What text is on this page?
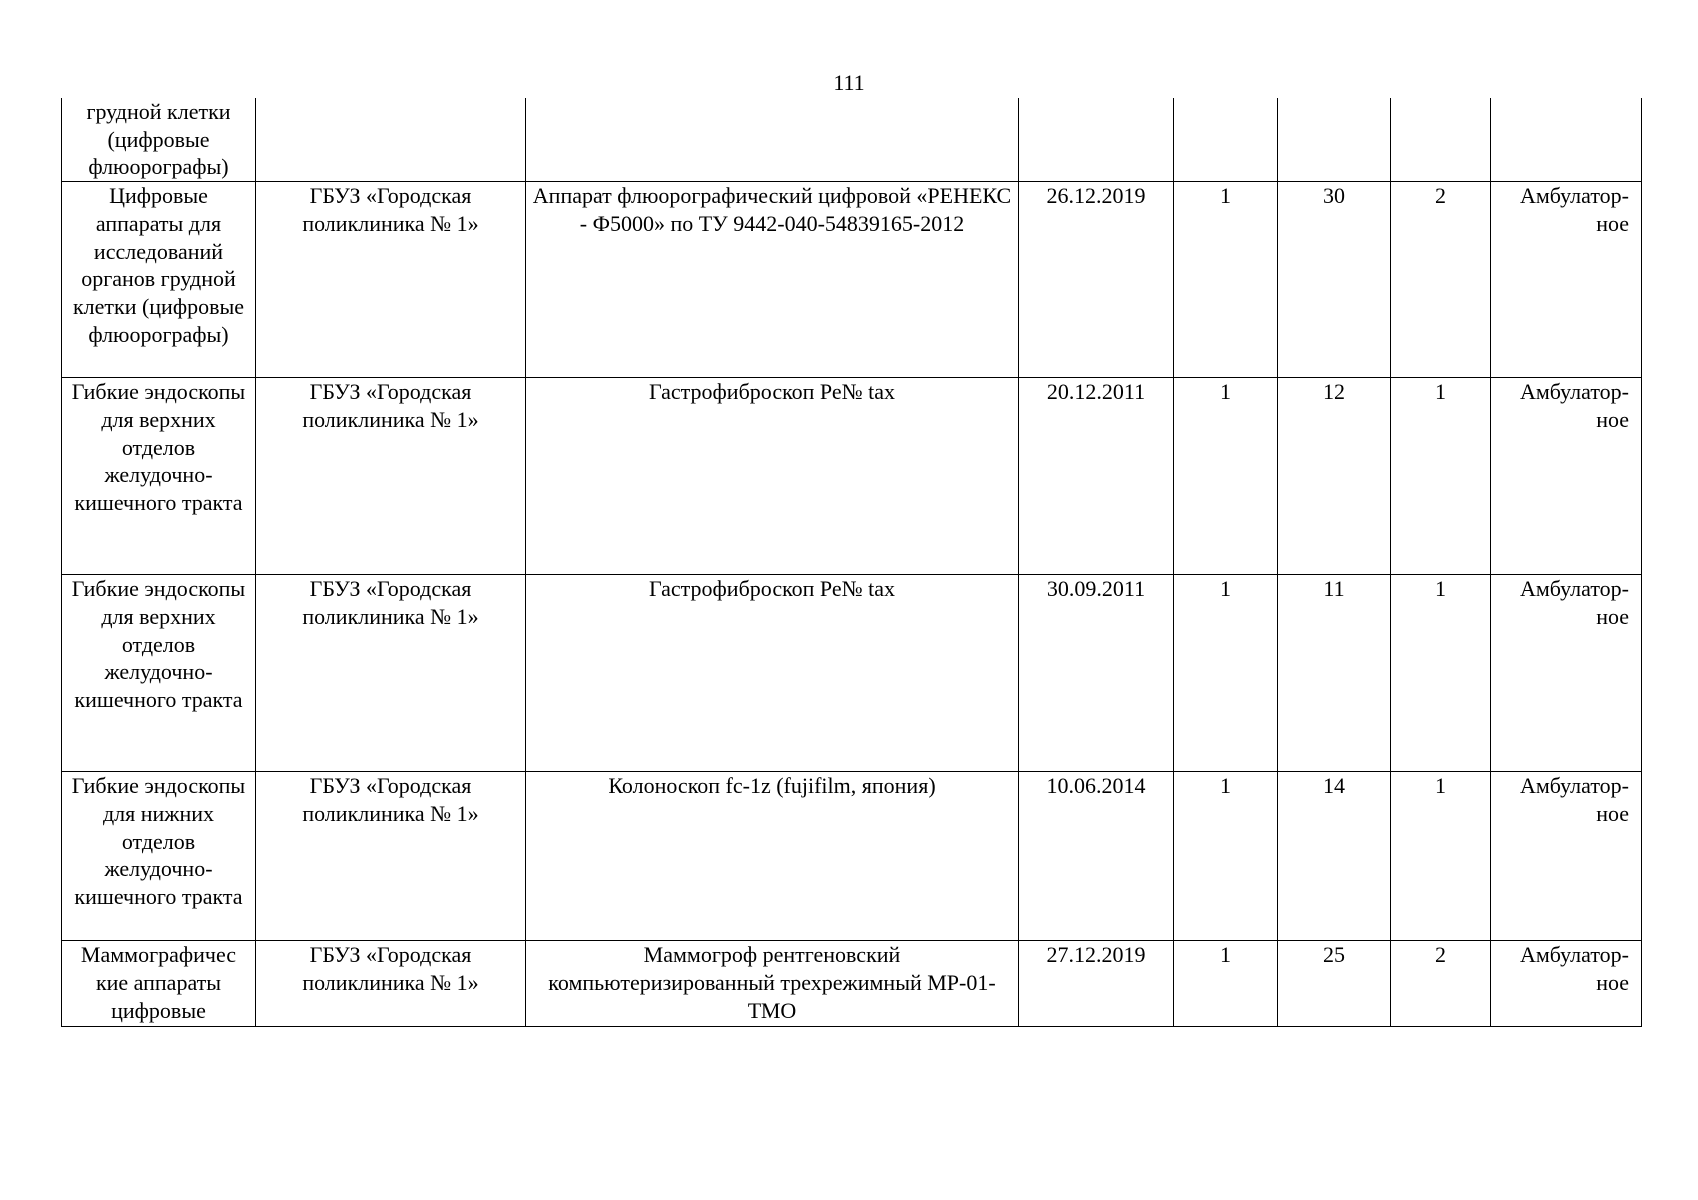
111
грудной клетки (цифровые флюорографы)							
Цифровые аппараты для исследований органов грудной клетки (цифровые флюорографы)	ГБУЗ «Городская поликлиника № 1»	Аппарат флюорографический цифровой «РЕНЕКС - Ф5000» по ТУ 9442-040-54839165-2012	26.12.2019	1	30	2	Амбулатор-ное
Гибкие эндоскопы для верхних отделов желудочно-кишечного тракта	ГБУЗ «Городская поликлиника № 1»	Гастрофиброскоп Ре№ tax	20.12.2011	1	12	1	Амбулатор-ное
Гибкие эндоскопы для верхних отделов желудочно-кишечного тракта	ГБУЗ «Городская поликлиника № 1»	Гастрофиброскоп Ре№ tax	30.09.2011	1	11	1	Амбулатор-ное
Гибкие эндоскопы для нижних отделов желудочно-кишечного тракта	ГБУЗ «Городская поликлиника № 1»	Колоноскоп fc-1z (fujifilm, япония)	10.06.2014	1	14	1	Амбулатор-ное
Маммографичес кие аппараты цифровые	ГБУЗ «Городская поликлиника № 1»	Маммогроф рентгеновский компьютеризированный трехрежимный МР-01-ТМО	27.12.2019	1	25	2	Амбулатор-ное
